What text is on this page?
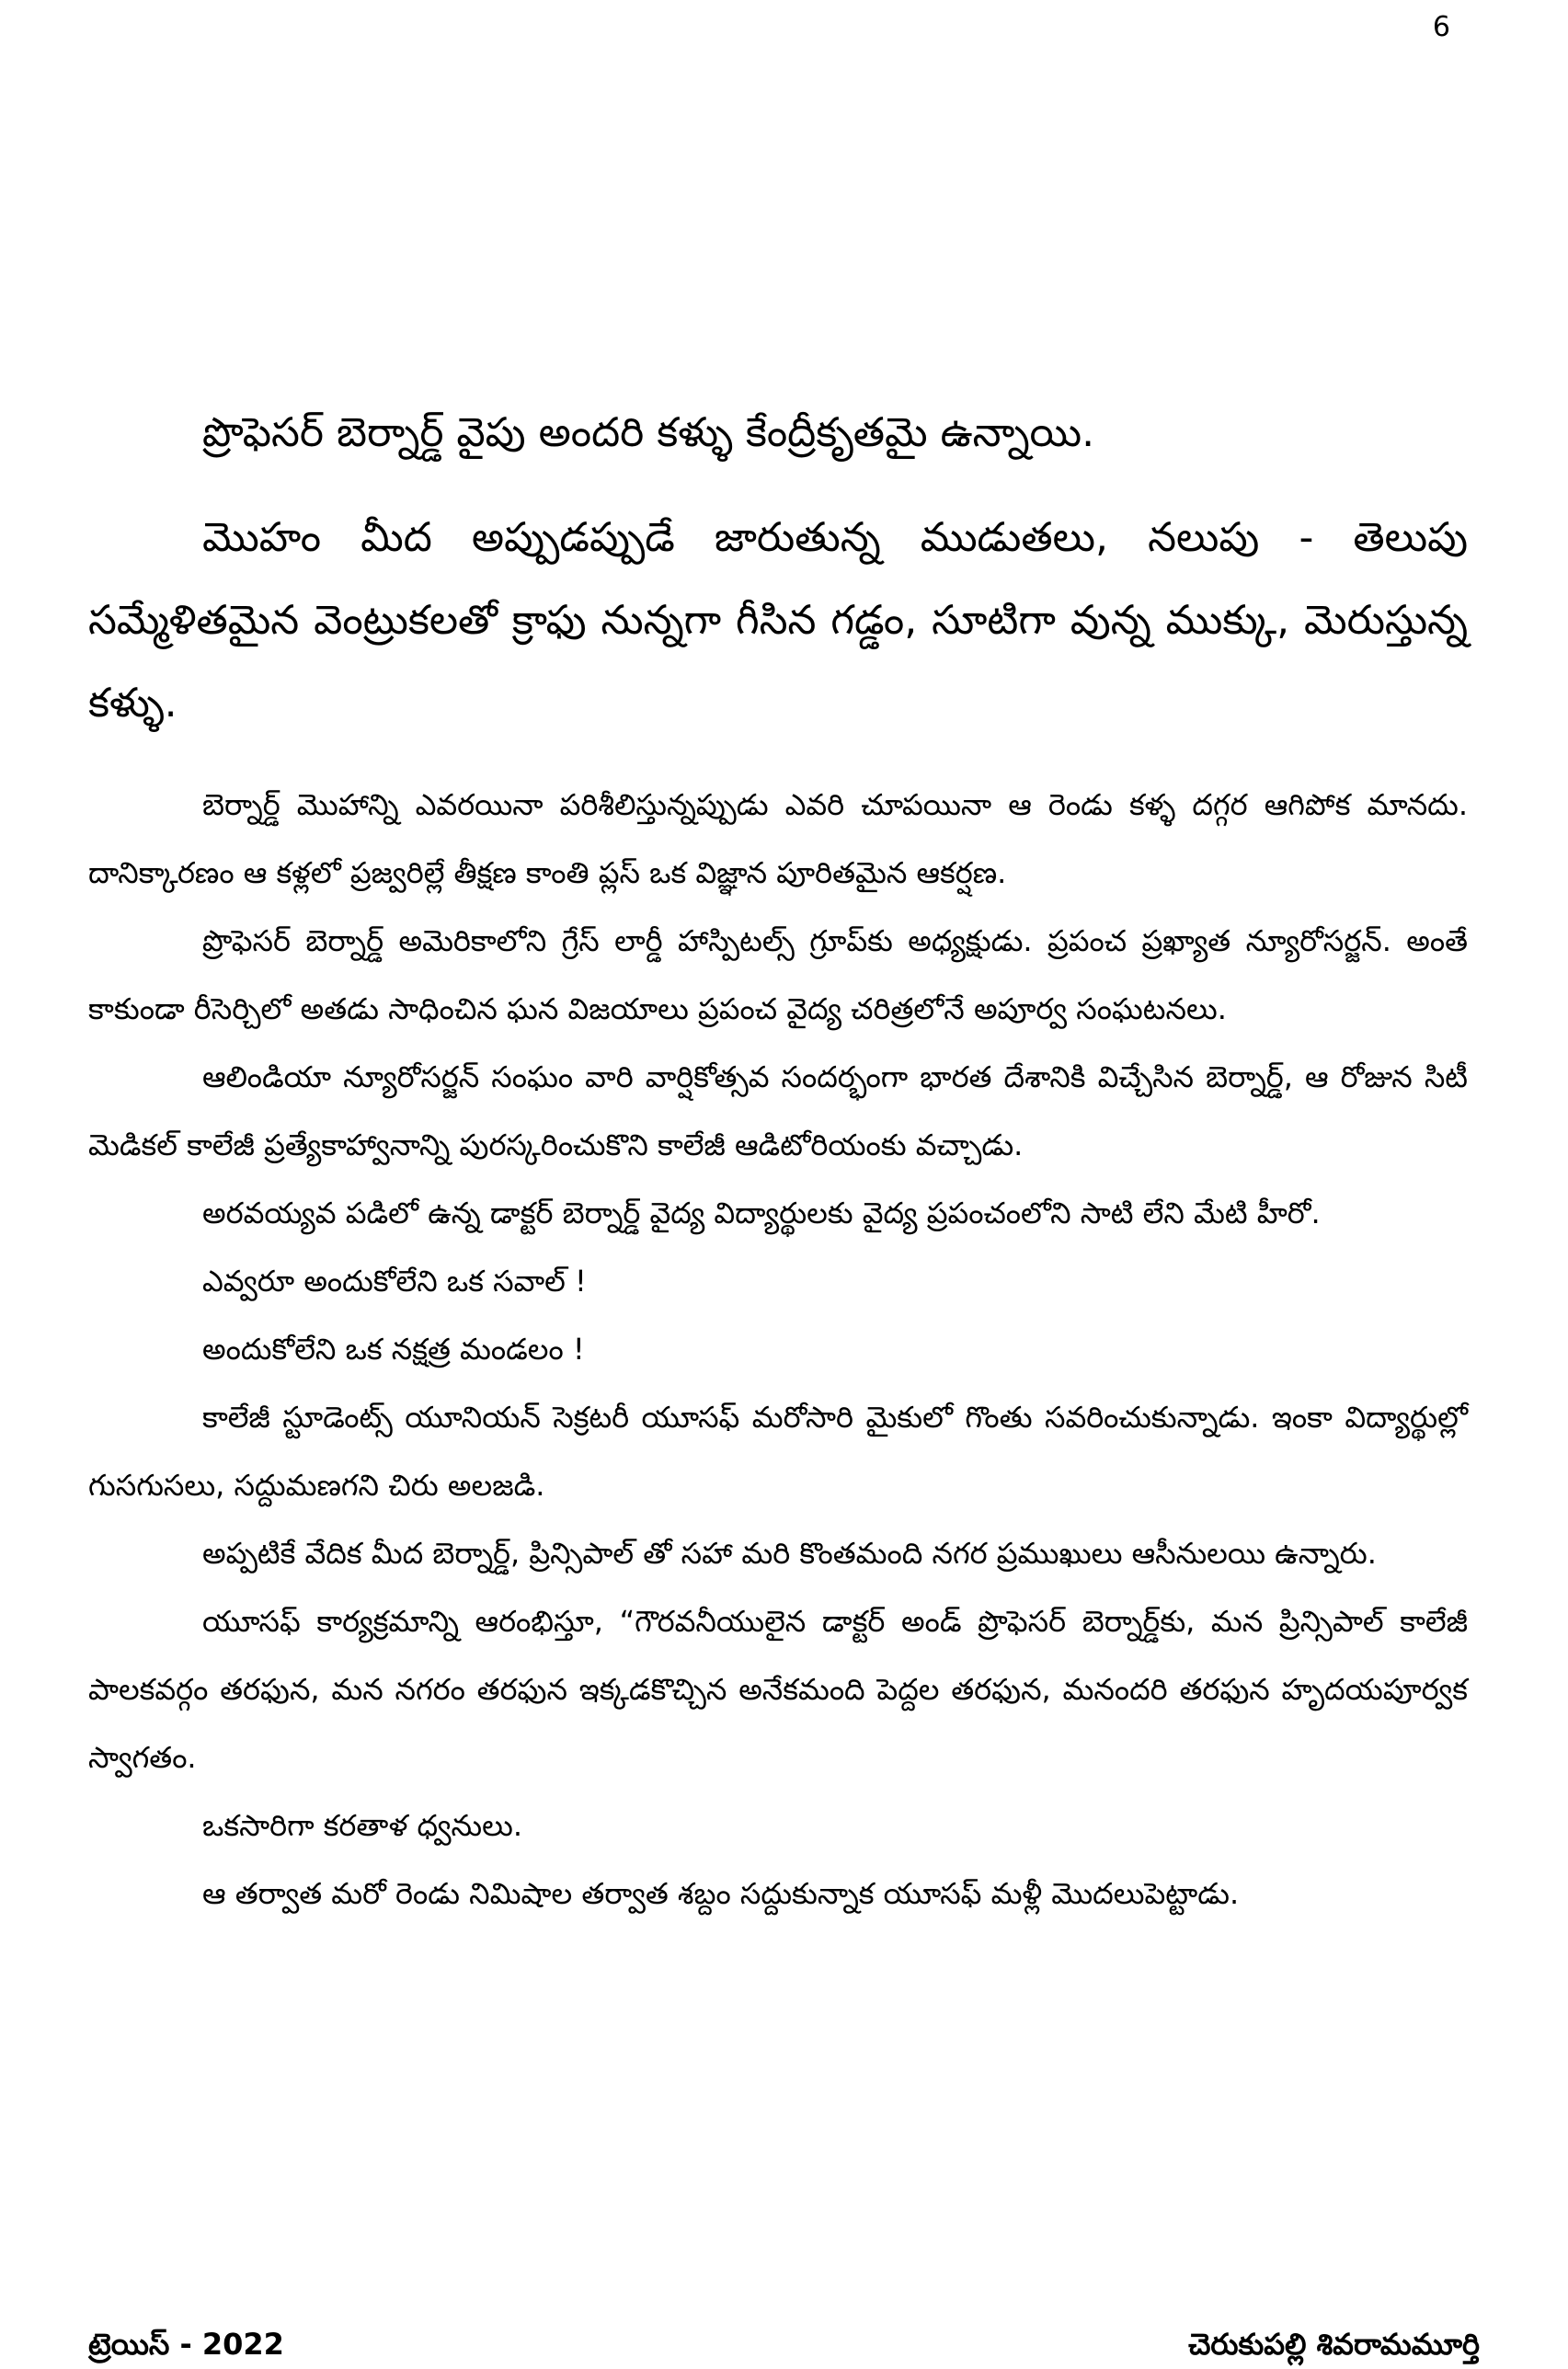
6

ప్రొఫెసర్ బెర్నార్డ్ వైపు అందరి కళ్ళు కేంద్రీకృతమై ఉన్నాయి.

మొహం మీద అప్పుడప్పుడే జారుతున్న ముడుతలు, నలుపు - తెలుపు సమ్మేళితమైన వెంట్రుకలతో క్రాఫు నున్నగా గీసిన గడ్డం, సూటిగా వున్న ముక్కు, మెరుస్తున్న కళ్ళు.

బెర్నార్డ్ మొహాన్ని ఎవరయినా పరిశీలిస్తున్నప్పుడు ఎవరి చూపయినా ఆ రెండు కళ్ళ దగ్గర ఆగిపోక మానదు. దానిక్కారణం ఆ కళ్లలో ప్రజ్వరిల్లే తీక్షణ కాంతి ప్లస్ ఒక విజ్ఞాన పూరితమైన ఆకర్షణ.

ప్రొఫెసర్ బెర్నార్డ్ అమెరికాలోని గ్రేస్ లార్డీ హాస్పిటల్స్ గ్రూప్‌కు అధ్యక్షుడు. ప్రపంచ ప్రఖ్యాత న్యూరోసర్జన్. అంతే కాకుండా రీసెర్చిలో అతడు సాధించిన ఘన విజయాలు ప్రపంచ వైద్య చరిత్రలోనే అపూర్వ సంఘటనలు.

ఆలిండియా న్యూరోసర్జన్ సంఘం వారి వార్షికోత్సవ సందర్భంగా భారత దేశానికి విచ్చేసిన బెర్నార్డ్, ఆ రోజున సిటీ మెడికల్ కాలేజీ ప్రత్యేకాహ్వానాన్ని పురస్కరించుకొని కాలేజీ ఆడిటోరియంకు వచ్చాడు.

అరవయ్యవ పడిలో ఉన్న డాక్టర్ బెర్నార్డ్ వైద్య విద్యార్థులకు వైద్య ప్రపంచంలోని సాటి లేని మేటి హీరో.

ఎవ్వరూ అందుకోలేని ఒక సవాల్ !

అందుకోలేని ఒక నక్షత్ర మండలం !

కాలేజీ స్టూడెంట్స్ యూనియన్ సెక్రటరీ యూసఫ్ మరోసారి మైకులో గొంతు సవరించుకున్నాడు. ఇంకా విద్యార్థుల్లో గుసగుసలు, సద్దుమణగని చిరు అలజడి.

అప్పటికే వేదిక మీద బెర్నార్డ్, ప్రిన్సిపాల్ తో సహా మరి కొంతమంది నగర ప్రముఖులు ఆసీనులయి ఉన్నారు.

యూసఫ్ కార్యక్రమాన్ని ఆరంభిస్తూ, “గౌరవనీయులైన డాక్టర్ అండ్ ప్రొఫెసర్ బెర్నార్డ్‌కు, మన ప్రిన్సిపాల్ కాలేజీ పాలకవర్గం తరఫున, మన నగరం తరఫున ఇక్కడకొచ్చిన అనేకమంది పెద్దల తరఫున, మనందరి తరఫున హృదయపూర్వక స్వాగతం.

ఒకసారిగా కరతాళ ధ్వనులు.

ఆ తర్వాత మరో రెండు నిమిషాల తర్వాత శబ్దం సద్దుకున్నాక యూసఫ్ మళ్లీ మొదలుపెట్టాడు.

ట్రెయిస్ - 2022	చెరుకుపల్లి శివరామమూర్తి
